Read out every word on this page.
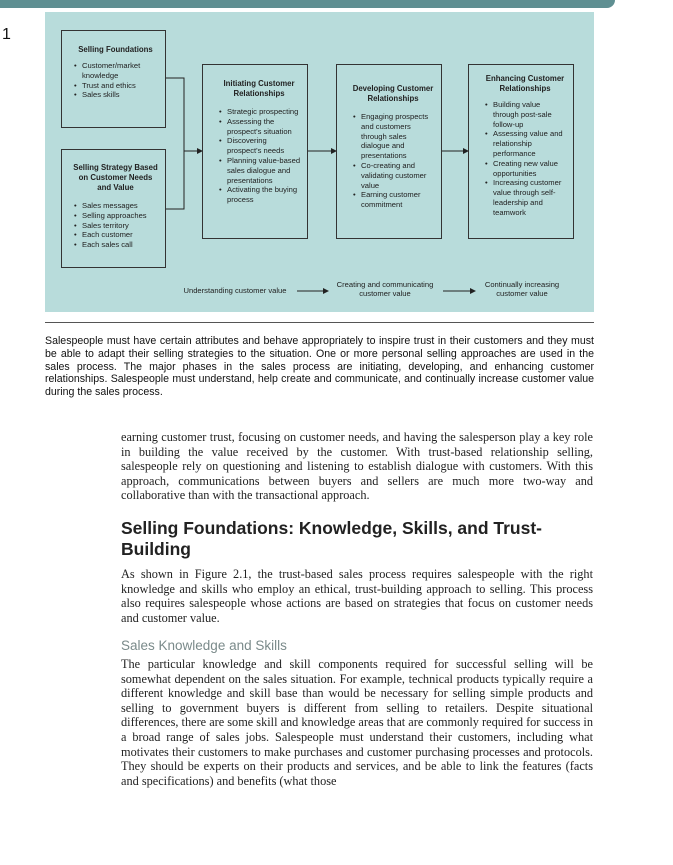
1
Selling Foundations
• Customer/market knowledge
• Trust and ethics
• Sales skills
Selling Strategy Based on Customer Needs and Value
• Sales messages
• Selling approaches
• Sales territory
• Each customer
• Each sales call
Initiating Customer Relationships
• Strategic prospecting
• Assessing the prospect's situation
• Discovering prospect's needs
• Planning value-based sales dialogue and presentations
• Activating the buying process
Developing Customer Relationships
• Engaging prospects and customers through sales dialogue and presentations
• Co-creating and validating customer value
• Earning customer commitment
Enhancing Customer Relationships
• Building value through post-sale follow-up
• Assessing value and relationship performance
• Creating new value opportunities
• Increasing customer value through self-leadership and teamwork
Understanding customer value
Creating and communicating customer value
Continually increasing customer value
Salespeople must have certain attributes and behave appropriately to inspire trust in their customers and they must be able to adapt their selling strategies to the situation. One or more personal selling approaches are used in the sales process. The major phases in the sales process are initiating, developing, and enhancing customer relationships. Salespeople must understand, help create and communicate, and continually increase customer value during the sales process.
earning customer trust, focusing on customer needs, and having the salesperson play a key role in building the value received by the customer. With trust-based relationship selling, salespeople rely on questioning and listening to establish dialogue with customers. With this approach, communications between buyers and sellers are much more two-way and collaborative than with the transactional approach.
Selling Foundations: Knowledge, Skills, and Trust-Building
As shown in Figure 2.1, the trust-based sales process requires salespeople with the right knowledge and skills who employ an ethical, trust-building approach to selling. This process also requires salespeople whose actions are based on strategies that focus on customer needs and customer value.
Sales Knowledge and Skills
The particular knowledge and skill components required for successful selling will be somewhat dependent on the sales situation. For example, technical products typically require a different knowledge and skill base than would be necessary for selling simple products and selling to government buyers is different from selling to retailers. Despite situational differences, there are some skill and knowledge areas that are commonly required for success in a broad range of sales jobs. Salespeople must understand their customers, including what motivates their customers to make purchases and customer purchasing processes and protocols. They should be experts on their products and services, and be able to link the features (facts and specifications) and benefits (what those
